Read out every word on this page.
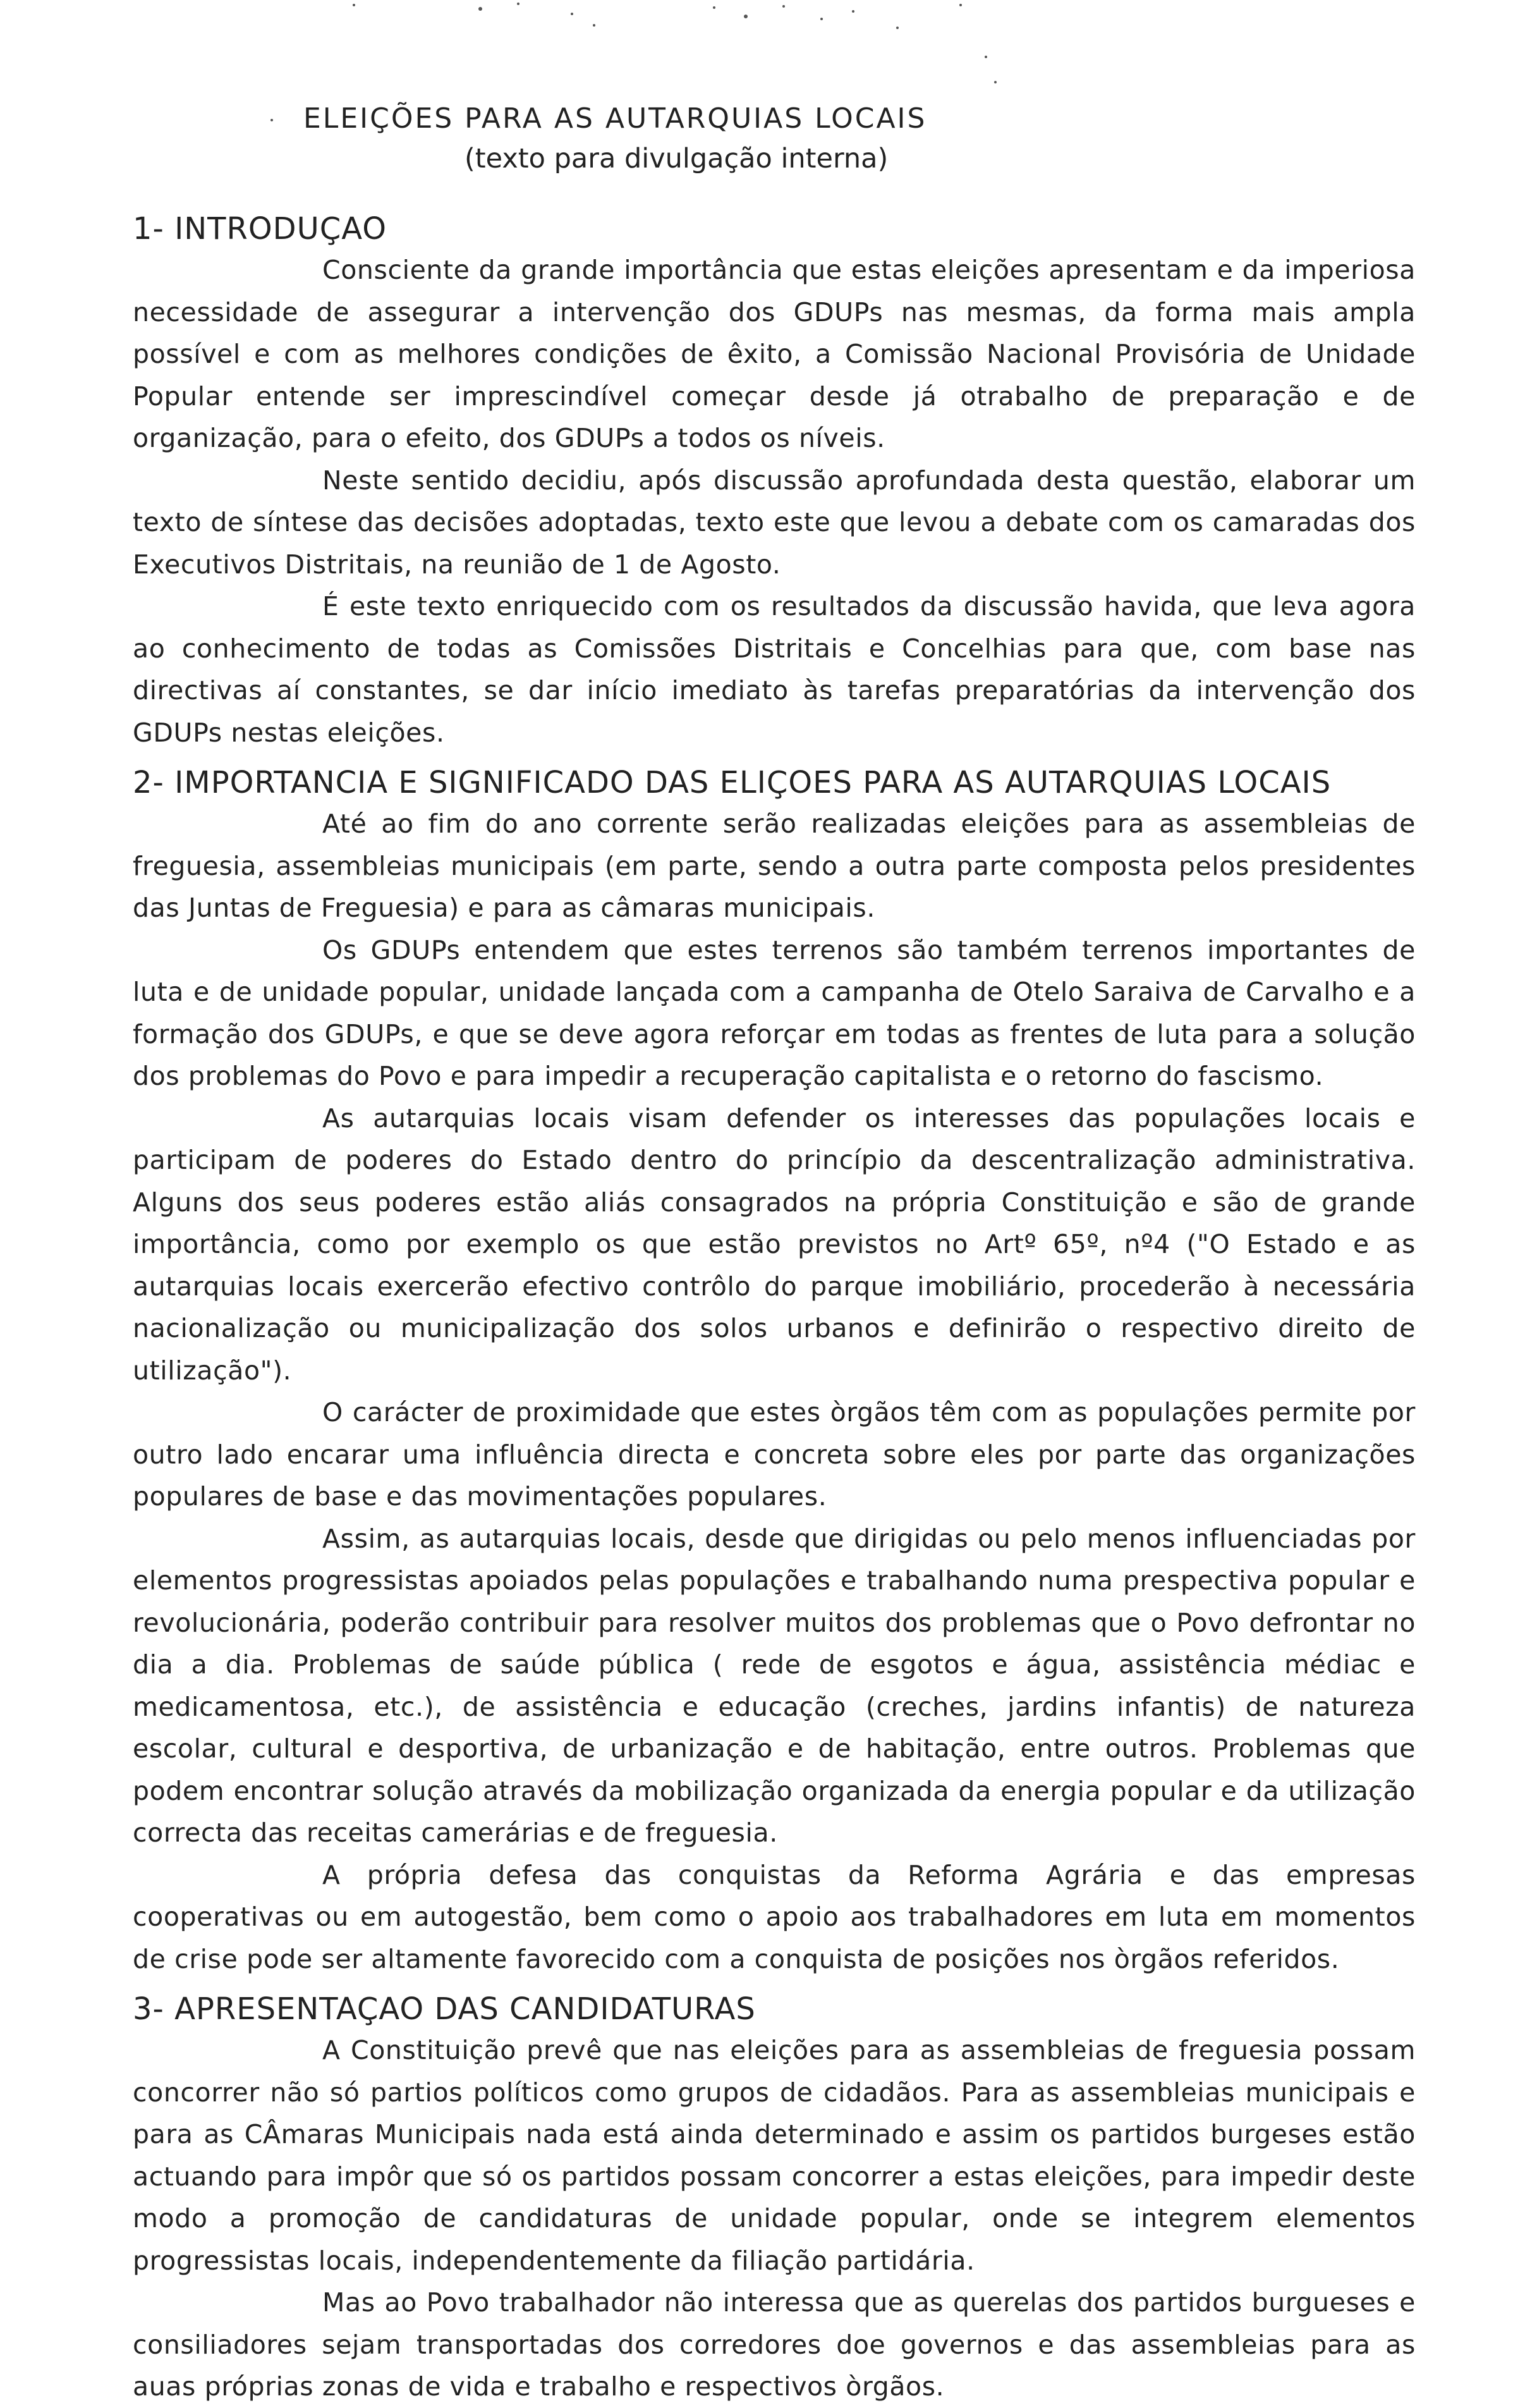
ELEIÇÕES PARA AS AUTARQUIAS LOCAIS

(texto para divulgação interna)

1- INTRODUÇAO

Consciente da grande importância que estas eleições apresentam e da imperiosa necessidade de assegurar a intervenção dos GDUPs nas mesmas, da forma mais ampla possível e com as melhores condições de êxito, a Comissão Nacional Provisória de Unidade Popular entende ser imprescindível começar desde já otrabalho de preparação e de organização, para o efeito, dos GDUPs a todos os níveis.

Neste sentido decidiu, após discussão aprofundada desta questão, elaborar um texto de síntese das decisões adoptadas, texto este que levou a debate com os camaradas dos Executivos Distritais, na reunião de 1 de Agosto.

É este texto enriquecido com os resultados da discussão havida, que leva agora ao conhecimento de todas as Comissões Distritais e Concelhias para que, com base nas directivas aí constantes, se dar início imediato às tarefas preparatórias da intervenção dos GDUPs nestas eleições.

2- IMPORTANCIA E SIGNIFICADO DAS ELIÇOES PARA AS AUTARQUIAS LOCAIS

Até ao fim do ano corrente serão realizadas eleições para as assembleias de freguesia, assembleias municipais (em parte, sendo a outra parte composta pelos presidentes das Juntas de Freguesia) e para as câmaras municipais.

Os GDUPs entendem que estes terrenos são também terrenos importantes de luta e de unidade popular, unidade lançada com a campanha de Otelo Saraiva de Carvalho e a formação dos GDUPs, e que se deve agora reforçar em todas as frentes de luta para a solução dos problemas do Povo e para impedir a recuperação capitalista e o retorno do fascismo.

As autarquias locais visam defender os interesses das populações locais e participam de poderes do Estado dentro do princípio da descentralização administrativa. Alguns dos seus poderes estão aliás consagrados na própria Constituição e são de grande importância, como por exemplo os que estão previstos no Artº 65º, nº4 ("O Estado e as autarquias locais exercerão efectivo contrôlo do parque imobiliário, procederão à necessária nacionalização ou municipalização dos solos urbanos e definirão o respectivo direito de utilização").

O carácter de proximidade que estes òrgãos têm com as populações permite por outro lado encarar uma influência directa e concreta sobre eles por parte das organizações populares de base e das movimentações populares.

Assim, as autarquias locais, desde que dirigidas ou pelo menos influenciadas por elementos progressistas apoiados pelas populações e trabalhando numa prespectiva popular e revolucionária, poderão contribuir para resolver muitos dos problemas que o Povo defrontar no dia a dia. Problemas de saúde pública ( rede de esgotos e água, assistência médiac e medicamentosa, etc.), de assistência e educação (creches, jardins infantis) de natureza escolar, cultural e desportiva, de urbanização e de habitação, entre outros. Problemas que podem encontrar solução através da mobilização organizada da energia popular e da utilização correcta das receitas camerárias e de freguesia.

A própria defesa das conquistas da Reforma Agrária e das empresas cooperativas ou em autogestão, bem como o apoio aos trabalhadores em luta em momentos de crise pode ser altamente favorecido com a conquista de posições nos òrgãos referidos.

3- APRESENTAÇAO DAS CANDIDATURAS

A Constituição prevê que nas eleições para as assembleias de freguesia possam concorrer não só partios políticos como grupos de cidadãos. Para as assembleias municipais e para as CÂmaras Municipais nada está ainda determinado e assim os partidos burgeses estão actuando para impôr que só os partidos possam concorrer a estas eleições, para impedir deste modo a promoção de candidaturas de unidade popular, onde se integrem elementos progressistas locais, independentemente da filiação partidária.

Mas ao Povo trabalhador não interessa que as querelas dos partidos burgueses e consiliadores sejam transportadas dos corredores doe governos e das assembleias para as auas próprias zonas de vida e trabalho e respectivos òrgãos.
